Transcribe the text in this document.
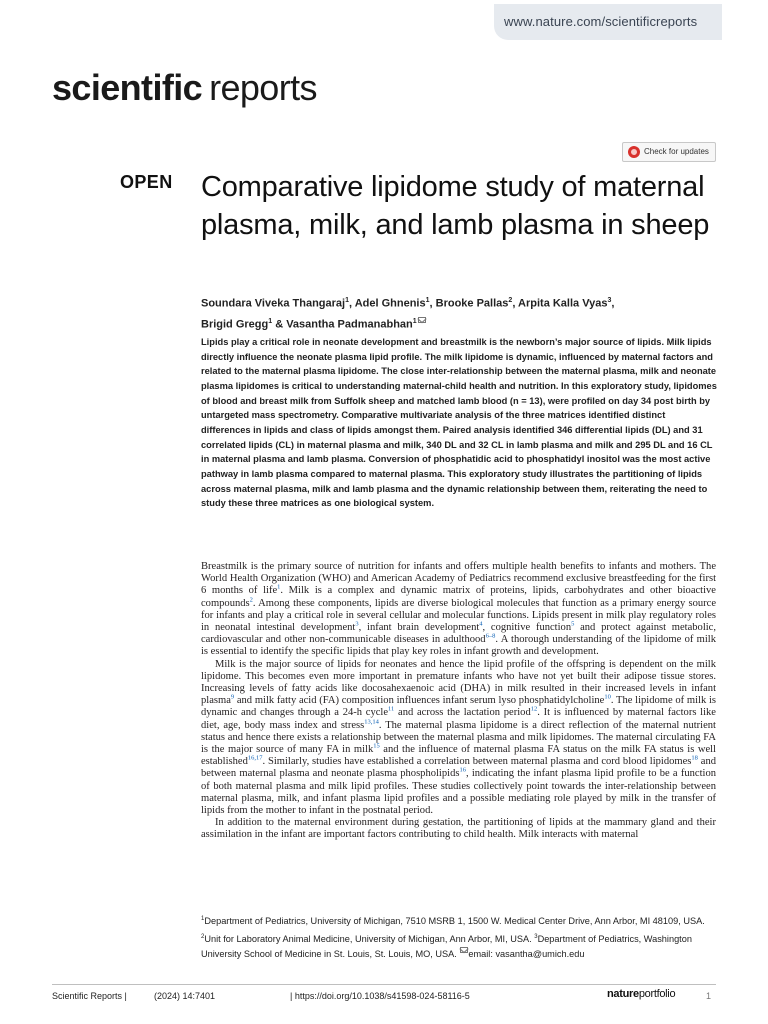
www.nature.com/scientificreports
scientific reports
Check for updates
OPEN Comparative lipidome study of maternal plasma, milk, and lamb plasma in sheep
Soundara Viveka Thangaraj$^1$, Adel Ghnenis$^1$, Brooke Pallas$^2$, Arpita Kalla Vyas$^3$,
Brigid Gregg$^1$ & Vasantha Padmanabhan$^1$

Lipids play a critical role in neonate development and breastmilk is the newborn’s major source of lipids. Milk lipids directly influence the neonate plasma lipid profile. The milk lipidome is dynamic, influenced by maternal factors and related to the maternal plasma lipidome. The close inter-relationship between the maternal plasma, milk and neonate plasma lipidomes is critical to understanding maternal-child health and nutrition. In this exploratory study, lipidomes of blood and breast milk from Suffolk sheep and matched lamb blood (n = 13), were profiled on day 34 post birth by untargeted mass spectrometry. Comparative multivariate analysis of the three matrices identified distinct differences in lipids and class of lipids amongst them. Paired analysis identified 346 differential lipids (DL) and 31 correlated lipids (CL) in maternal plasma and milk, 340 DL and 32 CL in lamb plasma and milk and 295 DL and 16 CL in maternal plasma and lamb plasma. Conversion of phosphatidic acid to phosphatidyl inositol was the most active pathway in lamb plasma compared to maternal plasma. This exploratory study illustrates the partitioning of lipids across maternal plasma, milk and lamb plasma and the dynamic relationship between them, reiterating the need to study these three matrices as one biological system.

Breastmilk is the primary source of nutrition for infants and offers multiple health benefits to infants and mothers. The World Health Organization (WHO) and American Academy of Pediatrics recommend exclusive breastfeeding for the first 6 months of life$^1$. Milk is a complex and dynamic matrix of proteins, lipids, carbohydrates and other bioactive compounds$^2$. Among these components, lipids are diverse biological molecules that function as a primary energy source for infants and play a critical role in several cellular and molecular functions. Lipids present in milk play regulatory roles in neonatal intestinal development$^3$, infant brain development$^4$, cognitive function$^5$ and protect against metabolic, cardiovascular and other non-communicable diseases in adulthood$^{6-8}$. A thorough understanding of the lipidome of milk is essential to identify the specific lipids that play key roles in infant growth and development.

Milk is the major source of lipids for neonates and hence the lipid profile of the offspring is dependent on the milk lipidome. This becomes even more important in premature infants who have not yet built their adipose tissue stores. Increasing levels of fatty acids like docosahexaenoic acid (DHA) in milk resulted in their increased levels in infant plasma$^9$ and milk fatty acid (FA) composition influences infant serum lyso phosphatidylcholine$^{10}$. The lipidome of milk is dynamic and changes through a 24-h cycle$^{11}$ and across the lactation period$^{12}$. It is influenced by maternal factors like diet, age, body mass index and stress$^{13,14}$. The maternal plasma lipidome is a direct reflection of the maternal nutrient status and hence there exists a relationship between the maternal plasma and milk lipidomes. The maternal circulating FA is the major source of many FA in milk$^{15}$ and the influence of maternal plasma FA status on the milk FA status is well established$^{16,17}$. Similarly, studies have established a correlation between maternal plasma and cord blood lipidomes$^{18}$ and between maternal plasma and neonate plasma phospholipids$^{16}$, indicating the infant plasma lipid profile to be a function of both maternal plasma and milk lipid profiles. These studies collectively point towards the inter-relationship between maternal plasma, milk, and infant plasma lipid profiles and a possible mediating role played by milk in the transfer of lipids from the mother to infant in the postnatal period.

In addition to the maternal environment during gestation, the partitioning of lipids at the mammary gland and their assimilation in the infant are important factors contributing to child health. Milk interacts with maternal

$^1$Department of Pediatrics, University of Michigan, 7510 MSRB 1, 1500 W. Medical Center Drive, Ann Arbor, MI 48109, USA. $^2$Unit for Laboratory Animal Medicine, University of Michigan, Ann Arbor, MI, USA. $^3$Department of Pediatrics, Washington University School of Medicine in St. Louis, St. Louis, MO, USA. email: vasantha@umich.edu

Scientific Reports |	(2024) 14:7401	| https://doi.org/10.1038/s41598-024-58116-5	natureportfolio	1
